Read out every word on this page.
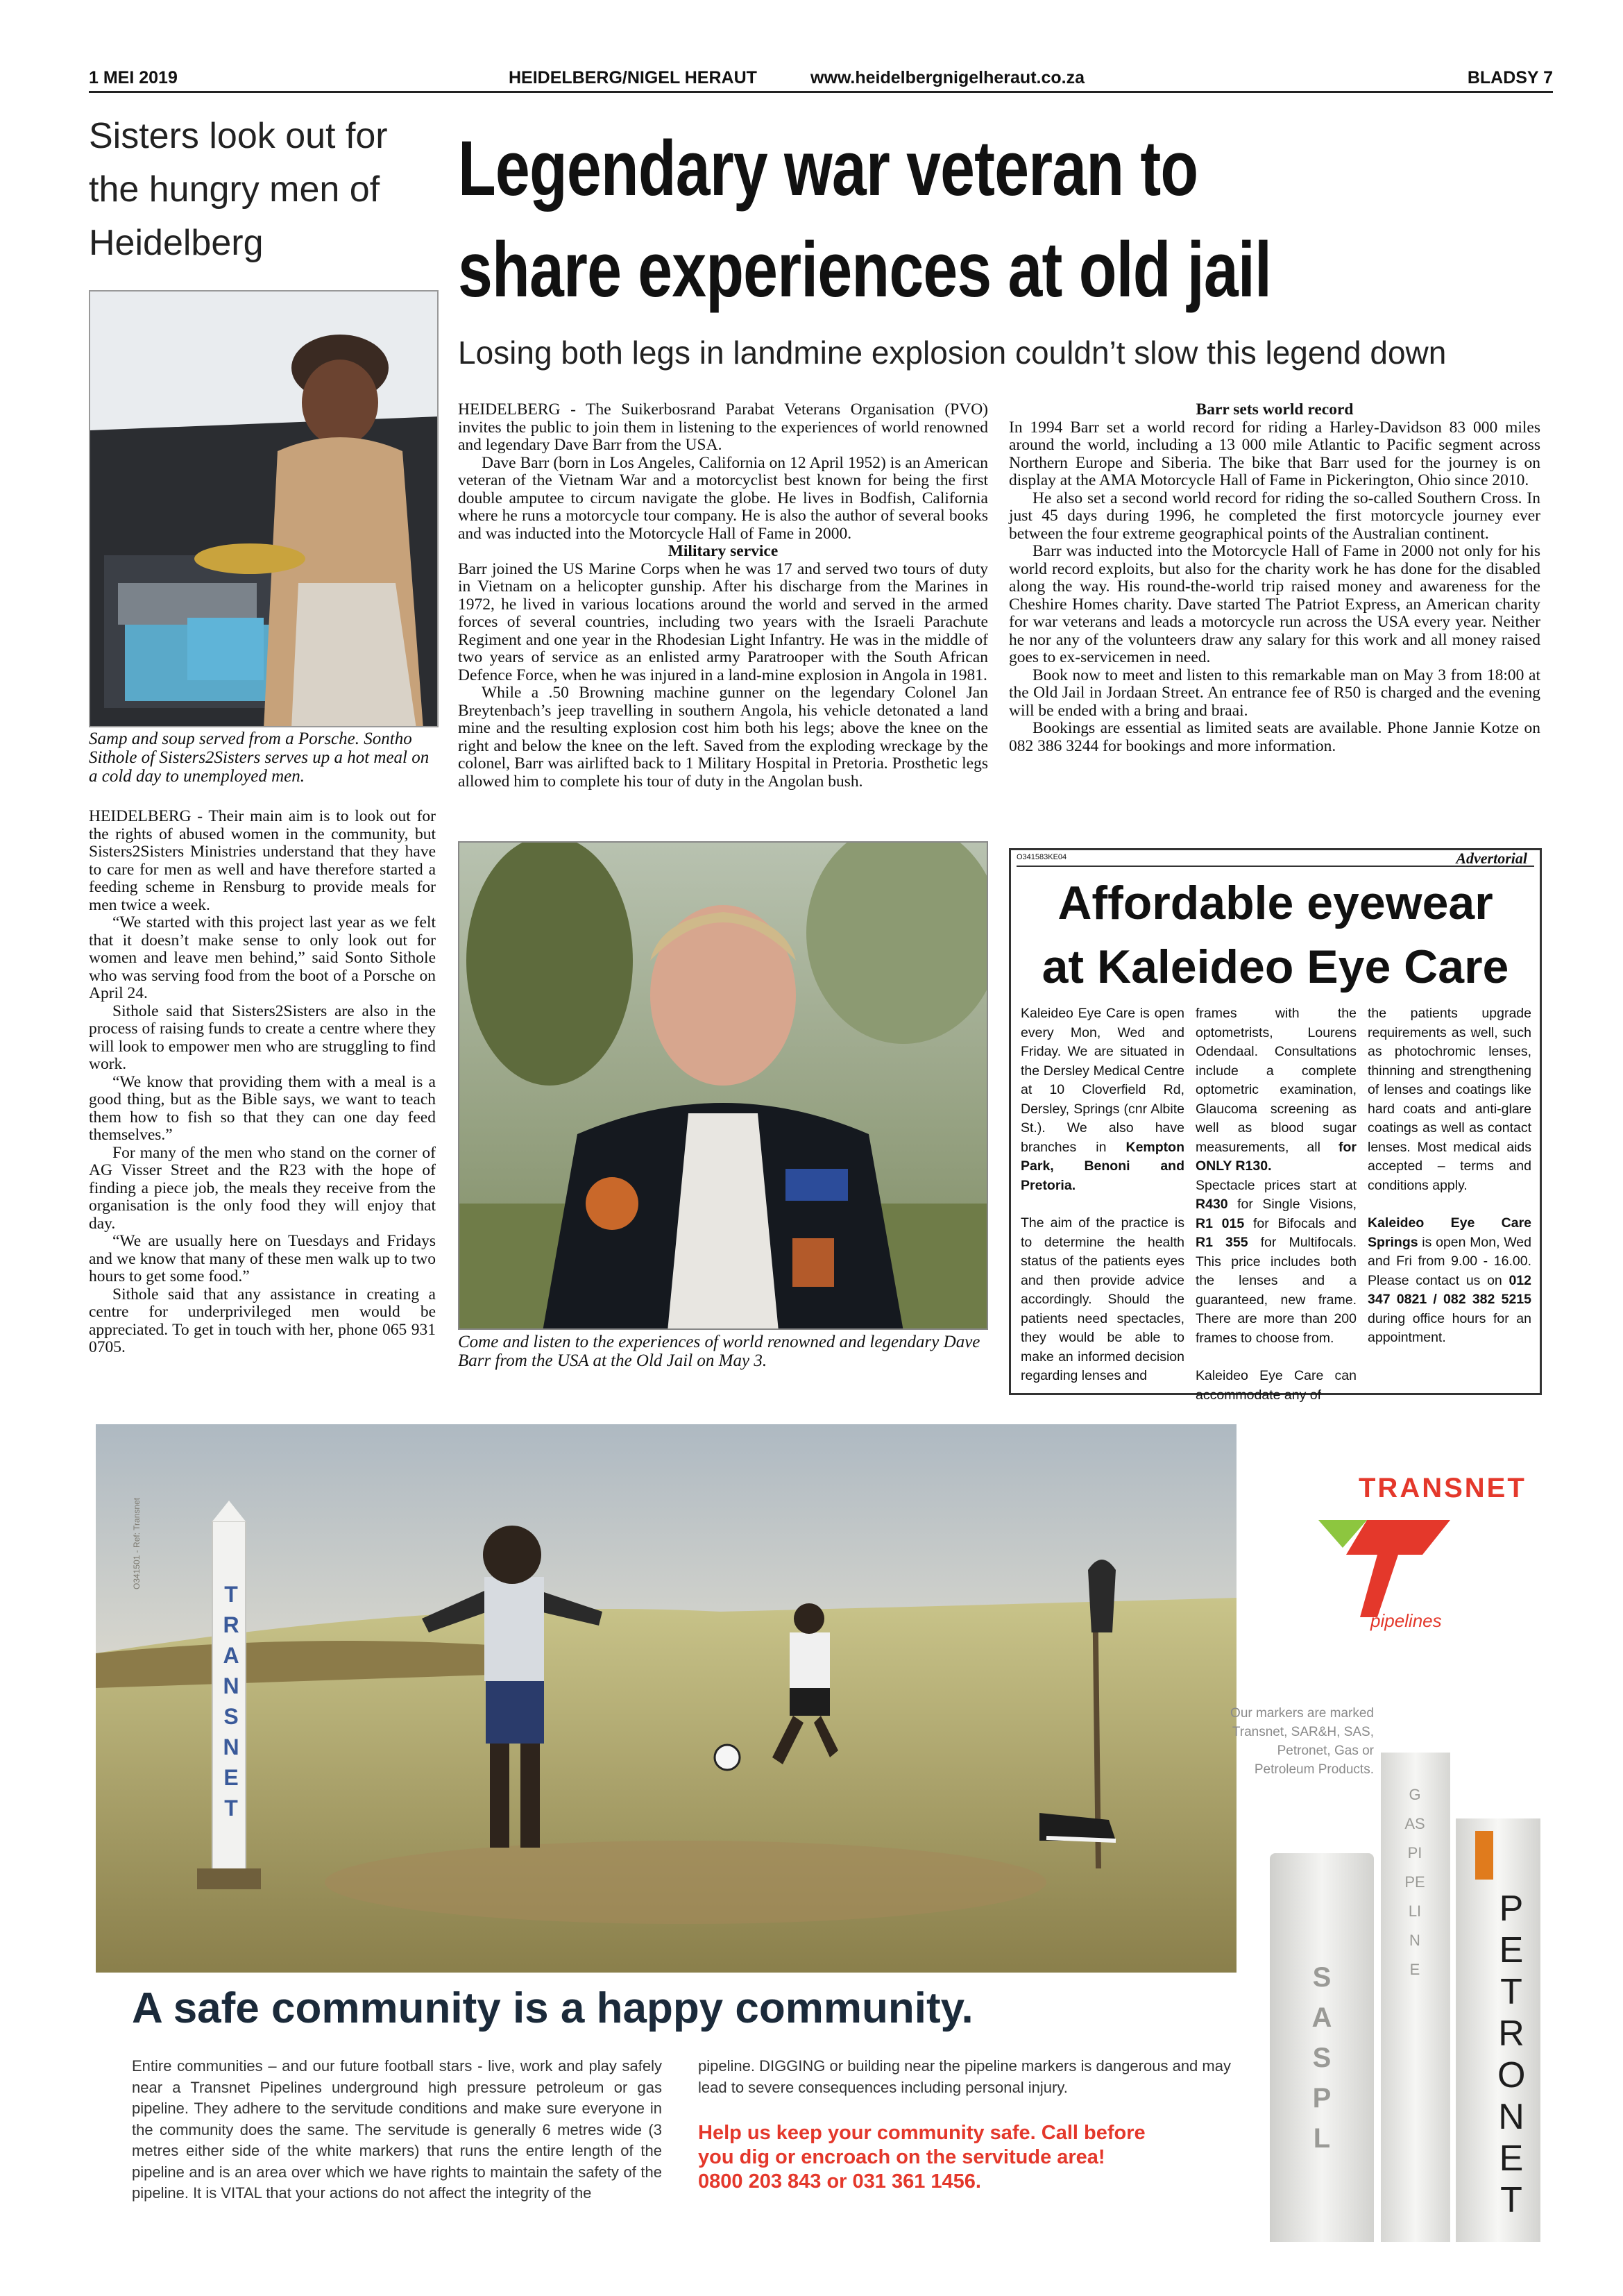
1 MEI 2019	HEIDELBERG/NIGEL HERAUT	www.heidelbergnigelheraut.co.za	BLADSY 7
Sisters look out for the hungry men of Heidelberg
Samp and soup served from a Porsche. Sontho Sithole of Sisters2Sisters serves up a hot meal on a cold day to unemployed men.

HEIDELBERG - Their main aim is to look out for the rights of abused women in the community, but Sisters2Sisters Ministries understand that they have to care for men as well and have therefore started a feeding scheme in Rensburg to provide meals for men twice a week.

“We started with this project last year as we felt that it doesn’t make sense to only look out for women and leave men behind,” said Sonto Sithole who was serving food from the boot of a Porsche on April 24.

Sithole said that Sisters2Sisters are also in the process of raising funds to create a centre where they will look to empower men who are struggling to find work.

“We know that providing them with a meal is a good thing, but as the Bible says, we want to teach them how to fish so that they can one day feed themselves.”

For many of the men who stand on the corner of AG Visser Street and the R23 with the hope of finding a piece job, the meals they receive from the organisation is the only food they will enjoy that day.

“We are usually here on Tuesdays and Fridays and we know that many of these men walk up to two hours to get some food.”

Sithole said that any assistance in creating a centre for underprivileged men would be appreciated. To get in touch with her, phone 065 931 0705.

Legendary war veteran to
share experiences at old jail
Losing both legs in landmine explosion couldn’t slow this legend down

HEIDELBERG - The Suikerbosrand Parabat Veterans Organisation (PVO) invites the public to join them in listening to the experiences of world renowned and legendary Dave Barr from the USA.

Dave Barr (born in Los Angeles, California on 12 April 1952) is an American veteran of the Vietnam War and a motorcyclist best known for being the first double amputee to circum navigate the globe. He lives in Bodfish, California where he runs a motorcycle tour company. He is also the author of several books and was inducted into the Motorcycle Hall of Fame in 2000.

Military service

Barr joined the US Marine Corps when he was 17 and served two tours of duty in Vietnam on a helicopter gunship. After his discharge from the Marines in 1972, he lived in various locations around the world and served in the armed forces of several countries, including two years with the Israeli Parachute Regiment and one year in the Rhodesian Light Infantry. He was in the middle of two years of service as an enlisted army Paratrooper with the South African Defence Force, when he was injured in a land-mine explosion in Angola in 1981.

While a .50 Browning machine gunner on the legendary Colonel Jan Breytenbach’s jeep travelling in southern Angola, his vehicle detonated a land mine and the resulting explosion cost him both his legs; above the knee on the right and below the knee on the left. Saved from the exploding wreckage by the colonel, Barr was airlifted back to 1 Military Hospital in Pretoria. Prosthetic legs allowed him to complete his tour of duty in the Angolan bush.

Barr sets world record

In 1994 Barr set a world record for riding a Harley-Davidson 83 000 miles around the world, including a 13 000 mile Atlantic to Pacific segment across Northern Europe and Siberia. The bike that Barr used for the journey is on display at the AMA Motorcycle Hall of Fame in Pickerington, Ohio since 2010.

He also set a second world record for riding the so-called Southern Cross. In just 45 days during 1996, he completed the first motorcycle journey ever between the four extreme geographical points of the Australian continent.

Barr was inducted into the Motorcycle Hall of Fame in 2000 not only for his world record exploits, but also for the charity work he has done for the disabled along the way. His round-the-world trip raised money and awareness for the Cheshire Homes charity. Dave started The Patriot Express, an American charity for war veterans and leads a motorcycle run across the USA every year. Neither he nor any of the volunteers draw any salary for this work and all money raised goes to ex-servicemen in need.

Book now to meet and listen to this remarkable man on May 3 from 18:00 at the Old Jail in Jordaan Street. An entrance fee of R50 is charged and the evening will be ended with a bring and braai.

Bookings are essential as limited seats are available. Phone Jannie Kotze on 082 386 3244 for bookings and more information.

Come and listen to the experiences of world renowned and legendary Dave Barr from the USA at the Old Jail on May 3.
O341583KE04	Advertorial
Affordable eyewear
at Kaleideo Eye Care

Kaleideo Eye Care is open every Mon, Wed and Friday. We are situated in the Dersley Medical Centre at 10 Cloverfield Rd, Dersley, Springs (cnr Albite St.). We also have branches in Kempton Park, Benoni and Pretoria.

The aim of the practice is to determine the health status of the patients eyes and then provide advice accordingly. Should the patients need spectacles, they would be able to make an informed decision regarding lenses and

frames with the optometrists, Lourens Odendaal. Consultations include a complete optometric examination, Glaucoma screening as well as blood sugar measurements, all for ONLY R130.

Spectacle prices start at R430 for Single Visions, R1 015 for Bifocals and R1 355 for Multifocals. This price includes both the lenses and a guaranteed, new frame. There are more than 200 frames to choose from.

Kaleideo Eye Care can accommodate any of

the patients upgrade requirements as well, such as photochromic lenses, thinning and strengthening of lenses and coatings like hard coats and anti-glare coatings as well as contact lenses. Most medical aids accepted – terms and conditions apply.

Kaleideo Eye Care Springs is open Mon, Wed and Fri from 9.00 - 16.00. Please contact us on 012 347 0821 / 082 382 5215 during office hours for an appointment.

O341501 - Ref: Transnet
TRANSNET
TRANSNET
pipelines
Our markers are marked Transnet, SAR&H, SAS, Petronet, Gas or Petroleum Products.
SAS PL
GAS PIPELINE
PETRONET
A safe community is a happy community.
Entire communities – and our future football stars - live, work and play safely near a Transnet Pipelines underground high pressure petroleum or gas pipeline. They adhere to the servitude conditions and make sure everyone in the community does the same. The servitude is generally 6 metres wide (3 metres either side of the white markers) that runs the entire length of the pipeline and is an area over which we have rights to maintain the safety of the pipeline. It is VITAL that your actions do not affect the integrity of the
pipeline. DIGGING or building near the pipeline markers is dangerous and may lead to severe consequences including personal injury.
Help us keep your community safe. Call before
you dig or encroach on the servitude area!
0800 203 843 or 031 361 1456.
